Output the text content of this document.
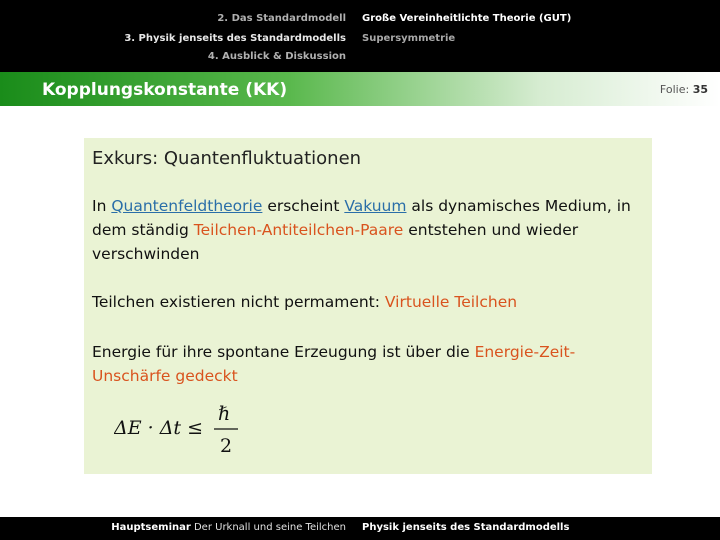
2. Das Standardmodell
3. Physik jenseits des Standardmodells
4. Ausblick & Diskussion
Große Vereinheitlichte Theorie (GUT)
Supersymmetrie
Kopplungskonstante (KK)	Folie: 35
Exkurs: Quantenfluktuationen
In Quantenfeldtheorie erscheint Vakuum als dynamisches Medium, in dem ständig Teilchen-Antiteilchen-Paare entstehen und wieder verschwinden
Teilchen existieren nicht permament: Virtuelle Teilchen
Energie für ihre spontane Erzeugung ist über die Energie-Zeit-Unschärfe gedeckt
ΔE · Δt ≤
ℏ
2
Hauptseminar Der Urknall und seine Teilchen Physik jenseits des Standardmodells
